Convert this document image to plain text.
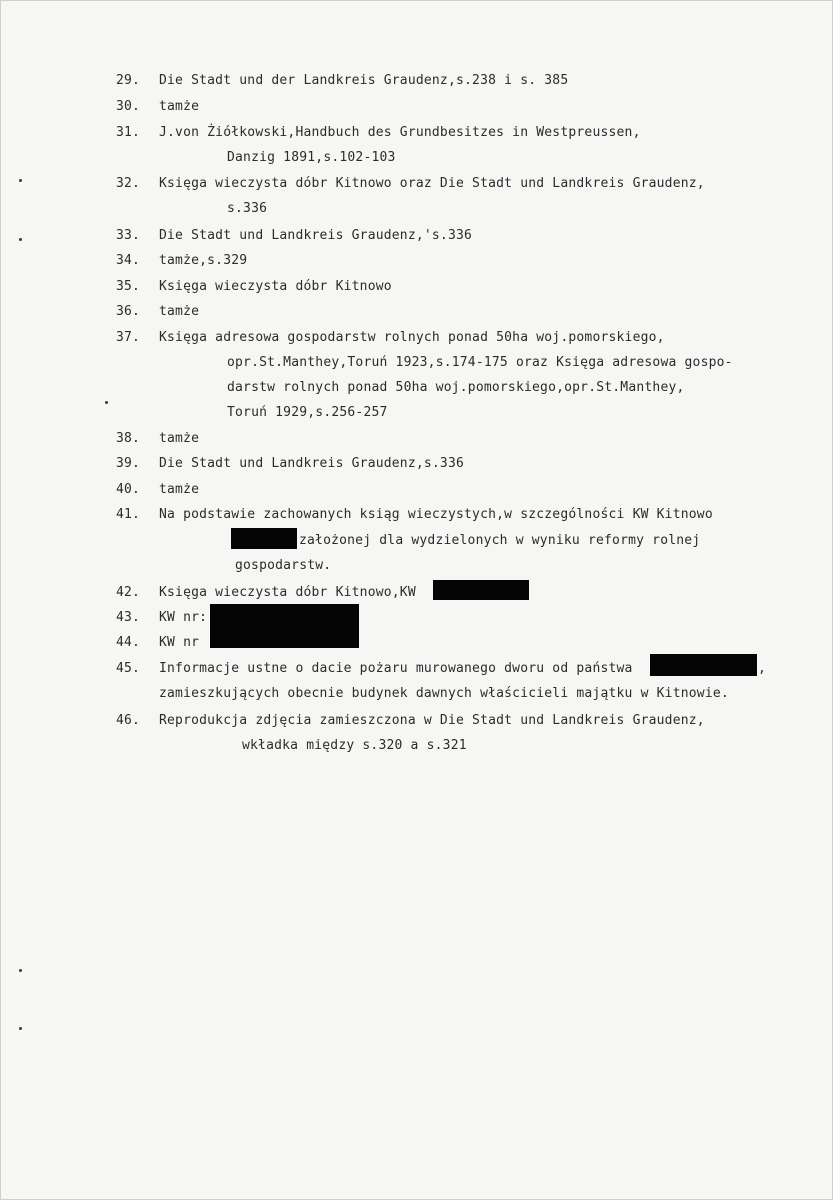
29.	Die Stadt und der Landkreis Graudenz,s.238 i s. 385
30.	tamże
31.	J.von Żiółkowski,Handbuch des Grundbesitzes in Westpreussen,
Danzig 1891,s.102-103
32.	Księga wieczysta dóbr Kitnowo oraz Die Stadt und Landkreis Graudenz,
s.336
33.	Die Stadt und Landkreis Graudenz,'s.336
34.	tamże,s.329
35.	Księga wieczysta dóbr Kitnowo
36.	tamże
37.	Księga adresowa gospodarstw rolnych ponad 50ha woj.pomorskiego,
opr.St.Manthey,Toruń 1923,s.174-175 oraz Księga adresowa gospo-
darstw rolnych ponad 50ha woj.pomorskiego,opr.St.Manthey,
Toruń 1929,s.256-257
38.	tamże
39.	Die Stadt und Landkreis Graudenz,s.336
40.	tamże
41.	Na podstawie zachowanych ksiąg wieczystych,w szczególności KW Kitnowo
założonej dla wydzielonych w wyniku reformy rolnej
gospodarstw.
42.	Księga wieczysta dóbr Kitnowo,KW
43.	KW nr:
44.	KW nr
45.	Informacje ustne o dacie pożaru murowanego dworu od państwa	,
zamieszkujących obecnie budynek dawnych właścicieli majątku w Kitnowie.
46.	Reprodukcja zdjęcia zamieszczona w Die Stadt und Landkreis Graudenz,
wkładka między s.320 a s.321
